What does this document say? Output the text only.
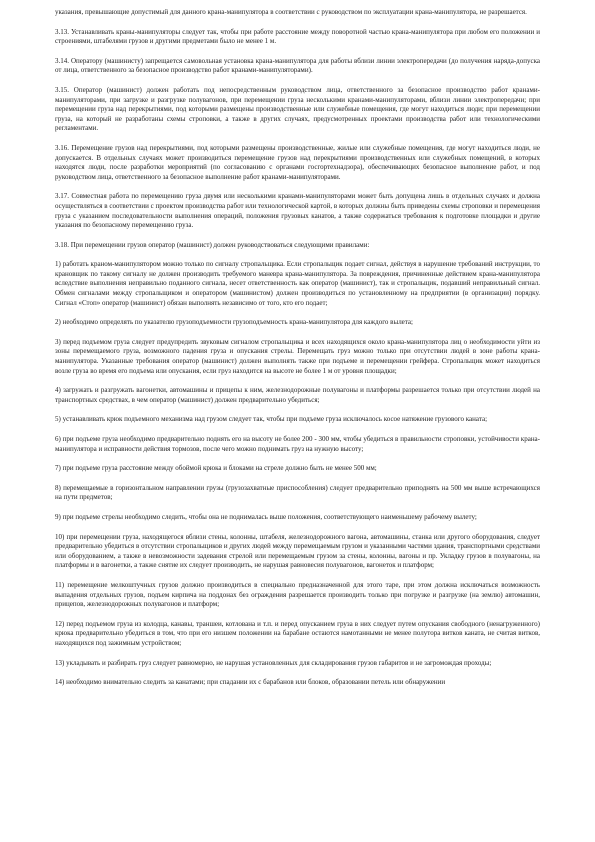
указания, превышающие допустимый для данного крана-манипулятора в соответствии с руководством по эксплуатации крана-манипулятора, не разрешается.

3.13. Устанавливать краны-манипуляторы следует так, чтобы при работе расстояние между поворотной частью крана-манипулятора при любом его положении и строениями, штабелями грузов и другими предметами было не менее 1 м.

3.14. Оператору (машинисту) запрещается самовольная установка крана-манипулятора для работы вблизи линии электропередачи (до получения наряда-допуска от лица, ответственного за безопасное производство работ кранами-манипуляторами).

3.15. Оператор (машинист) должен работать под непосредственным руководством лица, ответственного за безопасное производство работ кранами-манипуляторами, при загрузке и разгрузке полувагонов, при перемещении груза несколькими кранами-манипуляторами, вблизи линии электропередачи; при перемещении груза над перекрытиями, под которыми размещены производственные или служебные помещения, где могут находиться люди; при перемещении груза, на который не разработаны схемы строповки, а также в других случаях, предусмотренных проектами производства работ или технологическими регламентами.

3.16. Перемещение грузов над перекрытиями, под которыми размещены производственные, жилые или служебные помещения, где могут находиться люди, не допускается. В отдельных случаях может производиться перемещение грузов над перекрытиями производственных или служебных помещений, в которых находятся люди, после разработки мероприятий (по согласованию с органами госгортехнадзора), обеспечивающих безопасное выполнение работ, и под руководством лица, ответственного за безопасное выполнение работ кранами-манипуляторами.

3.17. Совместная работа по перемещению груза двумя или несколькими кранами-манипуляторами может быть допущена лишь в отдельных случаях и должна осуществляться в соответствии с проектом производства работ или технологической картой, в которых должны быть приведены схемы строповки и перемещения груза с указанием последовательности выполнения операций, положения грузовых канатов, а также содержаться требования к подготовке площадки и другие указания по безопасному перемещению груза.

3.18. При перемещении грузов оператор (машинист) должен руководствоваться следующими правилами:

1) работать краном-манипулятором можно только по сигналу стропальщика. Если стропальщик подает сигнал, действуя в нарушение требований инструкции, то крановщик по такому сигналу не должен производить требуемого маневра крана-манипулятора. За повреждения, причиненные действием крана-манипулятора вследствие выполнения неправильно поданного сигнала, несет ответственность как оператор (машинист), так и стропальщик, подавший неправильный сигнал. Обмен сигналами между стропальщиком и оператором (машинистом) должен производиться по установленному на предприятии (в организации) порядку. Сигнал «Стоп» оператор (машинист) обязан выполнять независимо от того, кто его подает;

2) необходимо определять по указателю грузоподъемности грузоподъемность крана-манипулятора для каждого вылета;

3) перед подъемом груза следует предупредить звуковым сигналом стропальщика и всех находящихся около крана-манипулятора лиц о необходимости уйти из зоны перемещаемого груза, возможного падения груза и опускания стрелы. Перемещать груз можно только при отсутствии людей в зоне работы крана-манипулятора. Указанные требования оператор (машинист) должен выполнять также при подъеме и перемещении грейфера. Стропальщик может находиться возле груза во время его подъема или опускания, если груз находится на высоте не более 1 м от уровня площадки;

4) загружать и разгружать вагонетки, автомашины и прицепы к ним, железнодорожные полувагоны и платформы разрешается только при отсутствии людей на транспортных средствах, в чем оператор (машинист) должен предварительно убедиться;

5) устанавливать крюк подъемного механизма над грузом следует так, чтобы при подъеме груза исключалось косое натяжение грузового каната;

6) при подъеме груза необходимо предварительно поднять его на высоту не более 200 - 300 мм, чтобы убедиться в правильности строповки, устойчивости крана-манипулятора и исправности действия тормозов, после чего можно поднимать груз на нужную высоту;

7) при подъеме груза расстояние между обоймой крюка и блоками на стреле должно быть не менее 500 мм;

8) перемещаемые в горизонтальном направлении грузы (грузозахватные приспособления) следует предварительно приподнять на 500 мм выше встречающихся на пути предметов;

9) при подъеме стрелы необходимо следить, чтобы она не поднималась выше положения, соответствующего наименьшему рабочему вылету;

10) при перемещении груза, находящегося вблизи стены, колонны, штабеля, железнодорожного вагона, автомашины, станка или другого оборудования, следует предварительно убедиться в отсутствии стропальщиков и других людей между перемещаемым грузом и указанными частями здания, транспортными средствами или оборудованием, а также в невозможности задевания стрелой или перемещаемым грузом за стены, колонны, вагоны и пр. Укладку грузов в полувагоны, на платформы и в вагонетки, а также снятие их следует производить, не нарушая равновесия полувагонов, вагонеток и платформ;

11) перемещение мелкоштучных грузов должно производиться в специально предназначенной для этого таре, при этом должна исключаться возможность выпадения отдельных грузов, подъем кирпича на поддонах без ограждения разрешается производить только при погрузке и разгрузке (на землю) автомашин, прицепов, железнодорожных полувагонов и платформ;

12) перед подъемом груза из колодца, канавы, траншеи, котлована и т.п. и перед опусканием груза в них следует путем опускания свободного (ненагруженного) крюка предварительно убедиться в том, что при его низшем положении на барабане остаются намотанными не менее полутора витков каната, не считая витков, находящихся под зажимным устройством;

13) укладывать и разбирать груз следует равномерно, не нарушая установленных для складирования грузов габаритов и не загромождая проходы;

14) необходимо внимательно следить за канатами; при спадании их с барабанов или блоков, образовании петель или обнаружении
